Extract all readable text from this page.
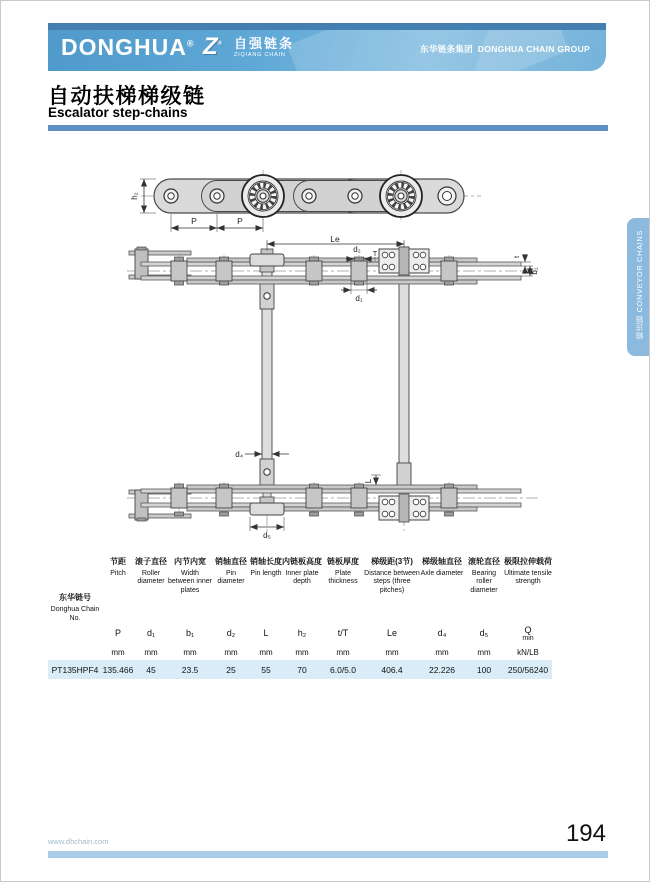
DONGHUA® Z® 自强链条
ZIQIANG CHAIN
东华链条集团 DONGHUA CHAIN GROUP
自动扶梯梯级链
Escalator step-chains
输送链 CONVEYOR CHAINS
h₂
P	P
Le
d₂
T
d₁
t
b₁
d₄
d₅
L
东华链号
Donghua Chain No.

节距
Pitch

滚子直径
Roller diameter

内节内宽
Width between inner plates

销轴直径
Pin diameter

销轴长度
Pin length

内链板高度
Inner plate depth

链板厚度
Plate thickness

梯级距(3节)
Distance between steps (three pitches)

梯级轴直径
Axle diameter

滚轮直径
Bearing roller diameter

极限拉伸载荷
Ultimate tensile strength

	P	d₁	b₁	d₂	L	h₂	t/T	Le	d₄	d₅	Q
min

	mm	mm	mm	mm	mm	mm	mm	mm	mm	mm	kN/LB
PT135HPF4	135.466	45	23.5	25	55	70	6.0/5.0	406.4	22.226	100	250/56240
www.dhchain.com	194
